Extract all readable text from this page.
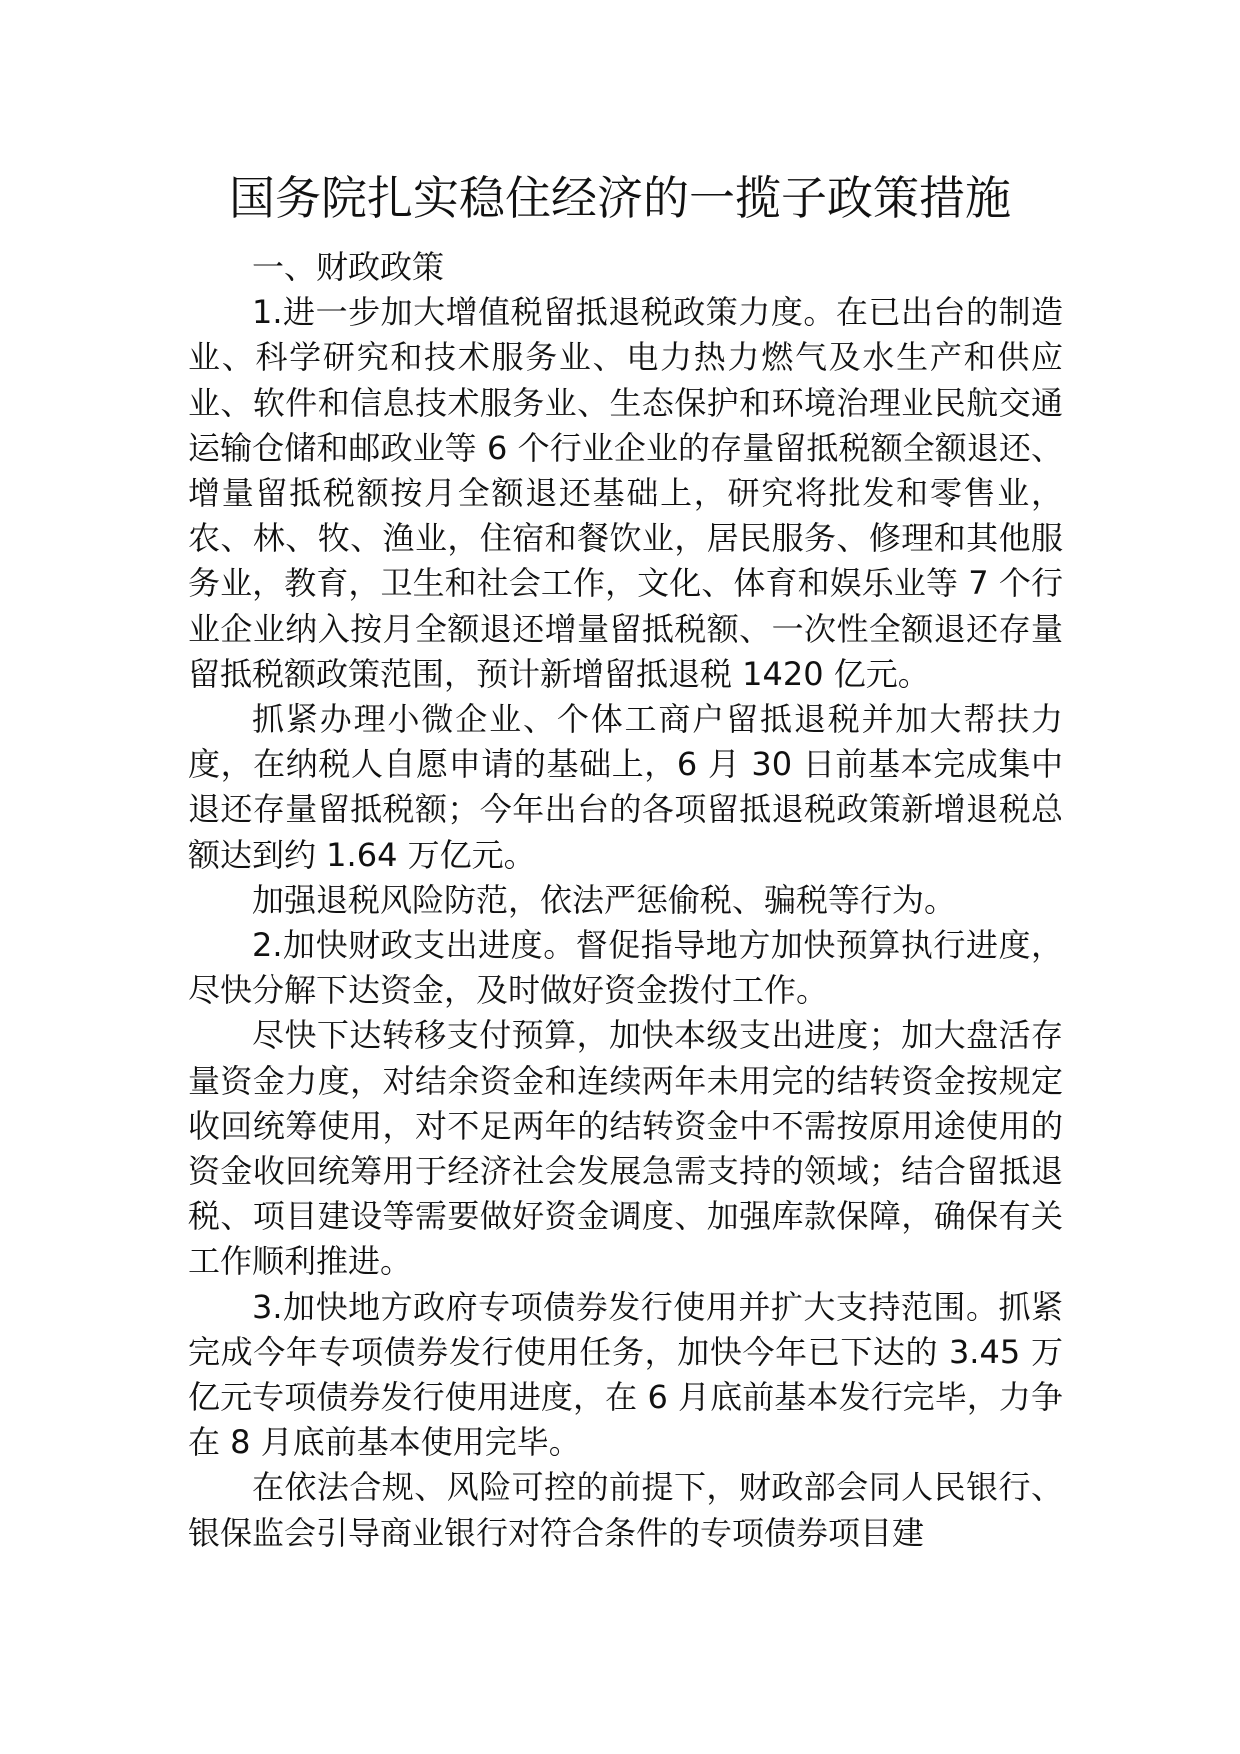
国务院扎实稳住经济的一揽子政策措施

一、财政政策

1.进一步加大增值税留抵退税政策力度。在已出台的制造业、科学研究和技术服务业、电力热力燃气及水生产和供应业、软件和信息技术服务业、生态保护和环境治理业民航交通运输仓储和邮政业等 6 个行业企业的存量留抵税额全额退还、增量留抵税额按月全额退还基础上，研究将批发和零售业，农、林、牧、渔业，住宿和餐饮业，居民服务、修理和其他服务业，教育，卫生和社会工作，文化、体育和娱乐业等 7 个行业企业纳入按月全额退还增量留抵税额、一次性全额退还存量留抵税额政策范围，预计新增留抵退税 1420 亿元。

抓紧办理小微企业、个体工商户留抵退税并加大帮扶力度，在纳税人自愿申请的基础上，6 月 30 日前基本完成集中退还存量留抵税额；今年出台的各项留抵退税政策新增退税总额达到约 1.64 万亿元。

加强退税风险防范，依法严惩偷税、骗税等行为。

2.加快财政支出进度。督促指导地方加快预算执行进度，尽快分解下达资金，及时做好资金拨付工作。

尽快下达转移支付预算，加快本级支出进度；加大盘活存量资金力度，对结余资金和连续两年未用完的结转资金按规定收回统筹使用，对不足两年的结转资金中不需按原用途使用的资金收回统筹用于经济社会发展急需支持的领域；结合留抵退税、项目建设等需要做好资金调度、加强库款保障，确保有关工作顺利推进。

3.加快地方政府专项债券发行使用并扩大支持范围。抓紧完成今年专项债券发行使用任务，加快今年已下达的 3.45 万亿元专项债券发行使用进度，在 6 月底前基本发行完毕，力争在 8 月底前基本使用完毕。

在依法合规、风险可控的前提下，财政部会同人民银行、银保监会引导商业银行对符合条件的专项债券项目建
